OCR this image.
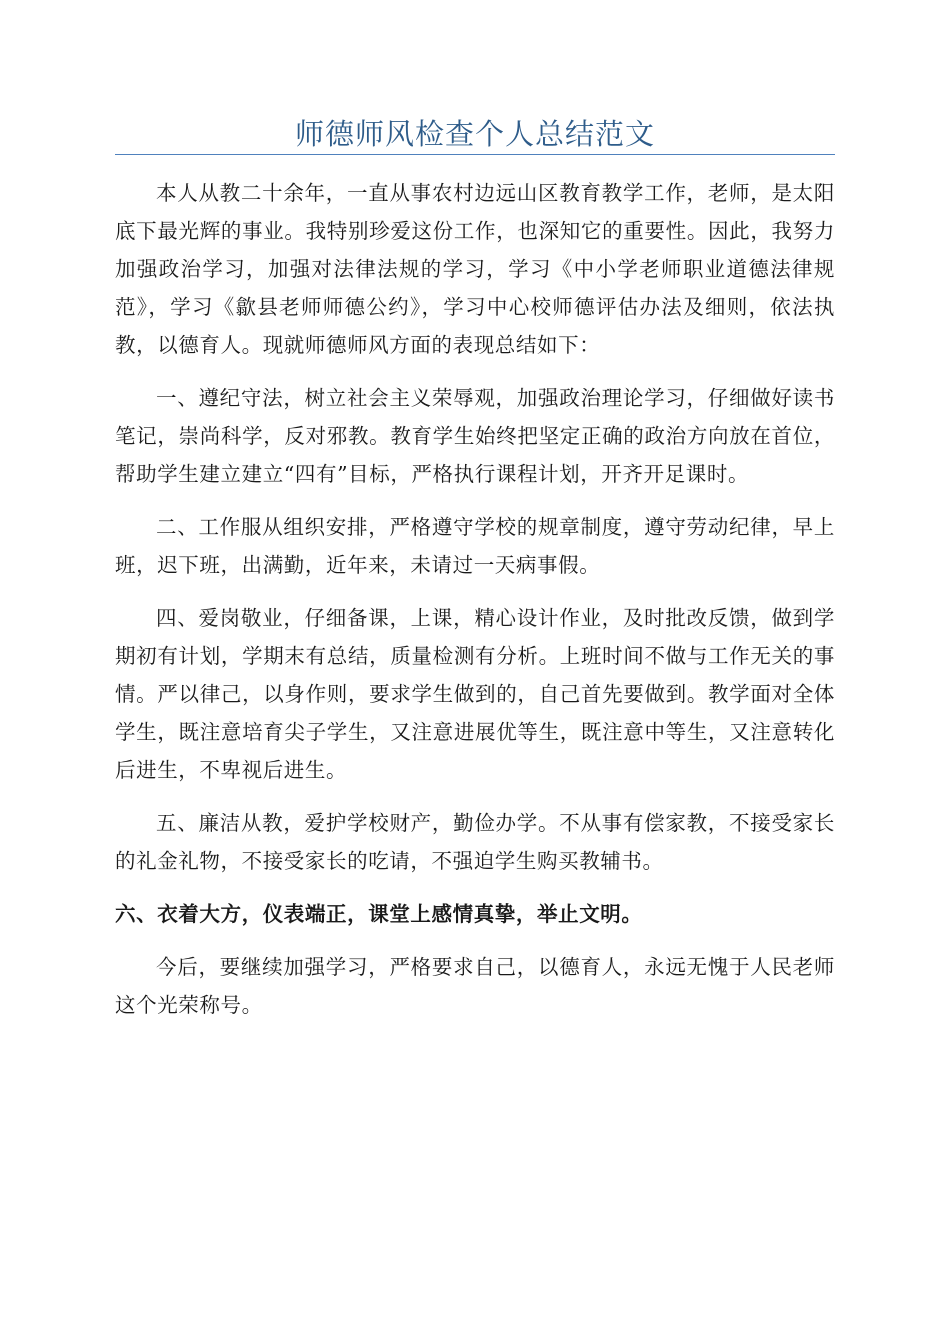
师德师风检查个人总结范文

本人从教二十余年，一直从事农村边远山区教育教学工作，老师，是太阳底下最光辉的事业。我特别珍爱这份工作，也深知它的重要性。因此，我努力加强政治学习，加强对法律法规的学习，学习《中小学老师职业道德法律规范》，学习《歙县老师师德公约》，学习中心校师德评估办法及细则，依法执教，以德育人。现就师德师风方面的表现总结如下：

一、遵纪守法，树立社会主义荣辱观，加强政治理论学习，仔细做好读书笔记，崇尚科学，反对邪教。教育学生始终把坚定正确的政治方向放在首位，帮助学生建立建立“四有”目标，严格执行课程计划，开齐开足课时。

二、工作服从组织安排，严格遵守学校的规章制度，遵守劳动纪律，早上班，迟下班，出满勤，近年来，未请过一天病事假。

四、爱岗敬业，仔细备课，上课，精心设计作业，及时批改反馈，做到学期初有计划，学期末有总结，质量检测有分析。上班时间不做与工作无关的事情。严以律己，以身作则，要求学生做到的，自己首先要做到。教学面对全体学生，既注意培育尖子学生，又注意进展优等生，既注意中等生，又注意转化后进生，不卑视后进生。

五、廉洁从教，爱护学校财产，勤俭办学。不从事有偿家教，不接受家长的礼金礼物，不接受家长的吃请，不强迫学生购买教辅书。

六、衣着大方，仪表端正，课堂上感情真挚，举止文明。

今后，要继续加强学习，严格要求自己，以德育人，永远无愧于人民老师这个光荣称号。
